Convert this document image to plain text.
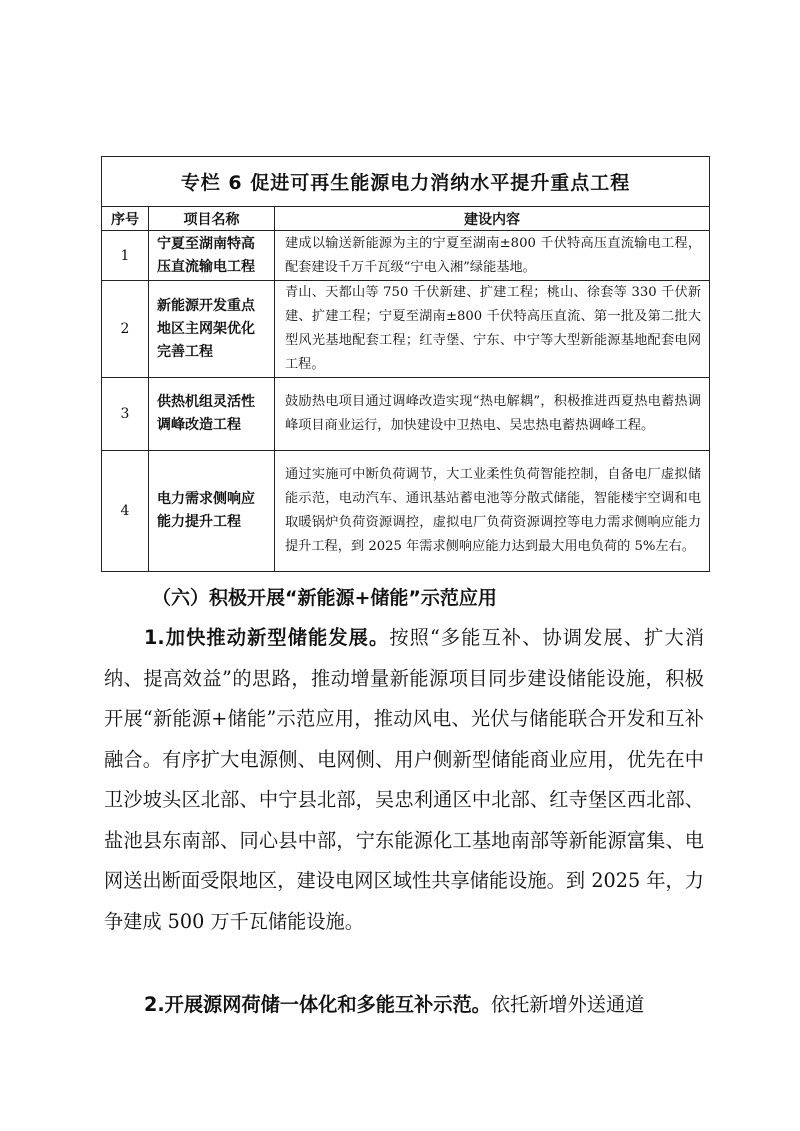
专栏 6 促进可再生能源电力消纳水平提升重点工程		
序号	项目名称	建设内容
1	宁夏至湖南特高压直流输电工程	建成以输送新能源为主的宁夏至湖南±800 千伏特高压直流输电工程，配套建设千万千瓦级“宁电入湘”绿能基地。
2	新能源开发重点地区主网架优化完善工程	青山、天都山等 750 千伏新建、扩建工程；桃山、徐套等 330 千伏新建、扩建工程；宁夏至湖南±800 千伏特高压直流、第一批及第二批大型风光基地配套工程；红寺堡、宁东、中宁等大型新能源基地配套电网工程。
3	供热机组灵活性调峰改造工程	鼓励热电项目通过调峰改造实现“热电解耦”，积极推进西夏热电蓄热调峰项目商业运行，加快建设中卫热电、吴忠热电蓄热调峰工程。
4	电力需求侧响应能力提升工程	通过实施可中断负荷调节，大工业柔性负荷智能控制，自备电厂虚拟储能示范，电动汽车、通讯基站蓄电池等分散式储能，智能楼宇空调和电取暖锅炉负荷资源调控，虚拟电厂负荷资源调控等电力需求侧响应能力提升工程，到 2025 年需求侧响应能力达到最大用电负荷的 5%左右。
（六）积极开展“新能源+储能”示范应用

1.加快推动新型储能发展。按照“多能互补、协调发展、扩大消纳、提高效益”的思路，推动增量新能源项目同步建设储能设施，积极开展“新能源+储能”示范应用，推动风电、光伏与储能联合开发和互补融合。有序扩大电源侧、电网侧、用户侧新型储能商业应用，优先在中卫沙坡头区北部、中宁县北部，吴忠利通区中北部、红寺堡区西北部、盐池县东南部、同心县中部，宁东能源化工基地南部等新能源富集、电网送出断面受限地区，建设电网区域性共享储能设施。到 2025 年，力争建成 500 万千瓦储能设施。

2.开展源网荷储一体化和多能互补示范。依托新增外送通道
